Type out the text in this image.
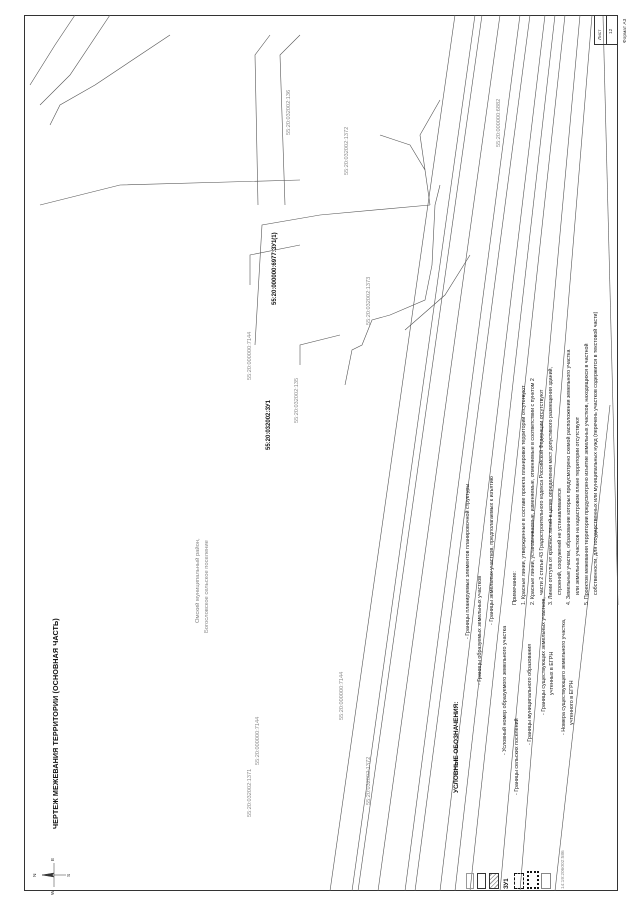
N	S
W
E
ЧЕРТЕЖ МЕЖЕВАНИЯ ТЕРРИТОРИИ (ОСНОВНАЯ ЧАСТЬ)
Омский муниципальный район, Богословское сельское поселение
55:20:032002:1371
55:20:000000:7144
55:20:032002:1372
55:20:000000:7144
55:20:032002:ЗУ1	55:20:032002:135
55:20:000000:7144
55:20:000000:6977:ЗУ1(1)	55:20:032002:1373
55:20:032002:136
55:20:032002:1372
55:20:000000:6882
УСЛОВНЫЕ ОБОЗНАЧЕНИЯ:
- Границы планируемых элементов планировочной структуры - Границы образуемых земельных участков
- Границы земельных участков, предполагаемых к изъятию
ЗУ1
- Условный номер образуемого земельного участка
- Границы сельских поселений
- Границы муниципального образования - Границы существующих земельных участков, учтенных в ЕГРН
14:19:206002:586
- Номера существующего земельного участка, учтенного в ЕГРН
Примечание: 1. Красные линии, утвержденные в составе проекта планировки территории отсутствуют 2. Красные линии, устанавливаемые, изменяемые, отменяемые в соответствии с пунктом 2 части 2 статьи 43 Градостроительного кодекса Российской Федерации отсутствуют 3. Линии отступа от красных линий в целях определения мест допустимого размещения зданий, строений, сооружений не устанавливаются 4. Земельные участки, образование которых предусмотрено схемой расположения земельного участка или земельных участков на кадастровом плане территории отсутствуют 5. Проектом межевания территории предусмотрено изъятие земельных участков, находящихся в частной собственности, для государственных или муниципальных нужд (перечень участков содержится в текстовой части)
Лист 12 Формат А3
